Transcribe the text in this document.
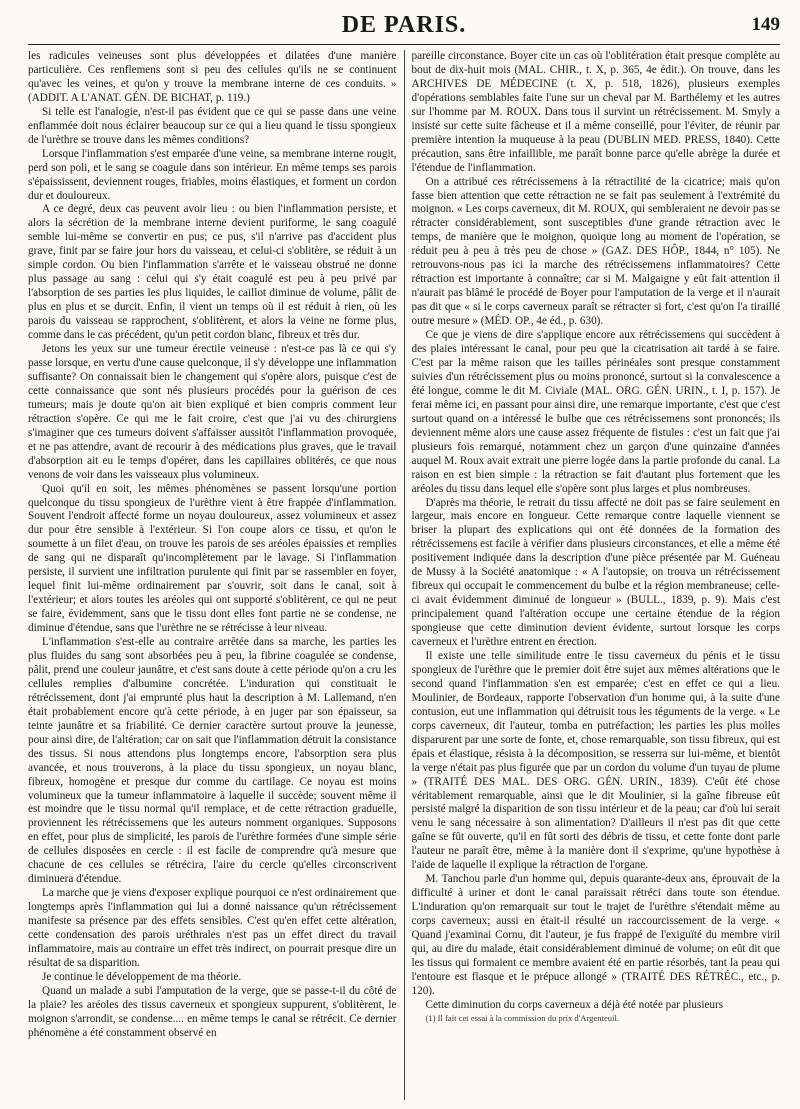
DE PARIS.	149

les radicules veineuses sont plus développées et dilatées d'une manière particulière. Ces renflemens sont si peu des cellules qu'ils ne se continuent qu'avec les veines, et qu'on y trouve la membrane interne de ces conduits. » (ADDIT. A L'ANAT. GÉN. DE BICHAT, p. 119.)

Si telle est l'analogie, n'est-il pas évident que ce qui se passe dans une veine enflammée doit nous éclairer beaucoup sur ce qui a lieu quand le tissu spongieux de l'urèthre se trouve dans les mêmes conditions?

Lorsque l'inflammation s'est emparée d'une veine, sa membrane interne rougit, perd son poli, et le sang se coagule dans son intérieur. En même temps ses parois s'épaississent, deviennent rouges, friables, moins élastiques, et forment un cordon dur et douloureux.

A ce degré, deux cas peuvent avoir lieu : ou bien l'inflammation persiste, et alors la sécrétion de la membrane interne devient puriforme, le sang coagulé semble lui-même se convertir en pus; ce pus, s'il n'arrive pas d'accident plus grave, finit par se faire jour hors du vaisseau, et celui-ci s'oblitère, se réduit à un simple cordon. Ou bien l'inflammation s'arrête et le vaisseau obstrué ne donne plus passage au sang : celui qui s'y était coagulé est peu à peu privé par l'absorption de ses parties les plus liquides, le caillot diminue de volume, pâlit de plus en plus et se durcit. Enfin, il vient un temps où il est réduit à rien, où les parois du vaisseau se rapprochent, s'oblitèrent, et alors la veine ne forme plus, comme dans le cas précédent, qu'un petit cordon blanc, fibreux et très dur.

Jetons les yeux sur une tumeur érectile veineuse : n'est-ce pas là ce qui s'y passe lorsque, en vertu d'une cause quelconque, il s'y développe une inflammation suffisante? On connaissait bien le changement qui s'opère alors, puisque c'est de cette connaissance que sont nés plusieurs procédés pour la guérison de ces tumeurs; mais je doute qu'on ait bien expliqué et bien compris comment leur rétraction s'opère. Ce qui me le fait croire, c'est que j'ai vu des chirurgiens s'imaginer que ces tumeurs doivent s'affaisser aussitôt l'inflammation provoquée, et ne pas attendre, avant de recourir à des médications plus graves, que le travail d'absorption ait eu le temps d'opérer, dans les capillaires oblitérés, ce que nous venons de voir dans les vaisseaux plus volumineux.

Quoi qu'il en soit, les mêmes phénomènes se passent lorsqu'une portion quelconque du tissu spongieux de l'urèthre vient à être frappée d'inflammation. Souvent l'endroit affecté forme un noyau douloureux, assez volumineux et assez dur pour être sensible à l'extérieur. Si l'on coupe alors ce tissu, et qu'on le soumette à un filet d'eau, on trouve les parois de ses aréoles épaissies et remplies de sang qui ne disparaît qu'incomplètement par le lavage. Si l'inflammation persiste, il survient une infiltration purulente qui finit par se rassembler en foyer, lequel finit lui-même ordinairement par s'ouvrir, soit dans le canal, soit à l'extérieur; et alors toutes les aréoles qui ont supporté s'oblitèrent, ce qui ne peut se faire, évidemment, sans que le tissu dont elles font partie ne se condense, ne diminue d'étendue, sans que l'urèthre ne se rétrécisse à leur niveau.

L'inflammation s'est-elle au contraire arrêtée dans sa marche, les parties les plus fluides du sang sont absorbées peu à peu, la fibrine coagulée se condense, pâlit, prend une couleur jaunâtre, et c'est sans doute à cette période qu'on a cru les cellules remplies d'albumine concrétée. L'induration qui constituait le rétrécissement, dont j'ai emprunté plus haut la description à M. Lallemand, n'en était probablement encore qu'à cette période, à en juger par son épaisseur, sa teinte jaunâtre et sa friabilité. Ce dernier caractère surtout prouve la jeunesse, pour ainsi dire, de l'altération; car on sait que l'inflammation détruit la consistance des tissus. Si nous attendons plus longtemps encore, l'absorption sera plus avancée, et nous trouverons, à la place du tissu spongieux, un noyau blanc, fibreux, homogène et presque dur comme du cartilage. Ce noyau est moins volumineux que la tumeur inflammatoire à laquelle il succède; souvent même il est moindre que le tissu normal qu'il remplace, et de cette rétraction graduelle, proviennent les rétrécissemens que les auteurs nomment organiques. Supposons en effet, pour plus de simplicité, les parois de l'urèthre formées d'une simple série de cellules disposées en cercle : il est facile de comprendre qu'à mesure que chacune de ces cellules se rétrécira, l'aire du cercle qu'elles circonscrivent diminuera d'étendue.

La marche que je viens d'exposer explique pourquoi ce n'est ordinairement que longtemps après l'inflammation qui lui a donné naissance qu'un rétrécissement manifeste sa présence par des effets sensibles. C'est qu'en effet cette altération, cette condensation des parois uréthrales n'est pas un effet direct du travail inflammatoire, mais au contraire un effet très indirect, on pourrait presque dire un résultat de sa disparition.

Je continue le développement de ma théorie.

Quand un malade a subi l'amputation de la verge, que se passe-t-il du côté de la plaie? les aréoles des tissus caverneux et spongieux suppurent, s'oblitèrent, le moignon s'arrondit, se condense.... en même temps le canal se rétrécit. Ce dernier phénomène a été constamment observé en

pareille circonstance. Boyer cite un cas où l'oblitération était presque complète au bout de dix-huit mois (MAL. CHIR., t. X, p. 365, 4e édit.). On trouve, dans les ARCHIVES DE MÉDECINE (t. X, p. 518, 1826), plusieurs exemples d'opérations semblables faite l'une sur un cheval par M. Barthélemy et les autres sur l'homme par M. ROUX. Dans tous il survint un rétrécissement. M. Smyly a insisté sur cette suite fâcheuse et il a même conseillé, pour l'éviter, de réunir par première intention la muqueuse à la peau (DUBLIN MED. PRESS, 1840). Cette précaution, sans être infaillible, me paraît bonne parce qu'elle abrège la durée et l'étendue de l'inflammation.

On a attribué ces rétrécissemens à la rétractilité de la cicatrice; mais qu'on fasse bien attention que cette rétraction ne se fait pas seulement à l'extrémité du moignon. « Les corps caverneux, dit M. ROUX, qui sembleraient ne devoir pas se rétracter considérablement, sont susceptibles d'une grande rétraction avec le temps, de manière que le moignon, quoique long au moment de l'opération, se réduit peu à peu à très peu de chose » (GAZ. DES HÔP., 1844, n° 105). Ne retrouvons-nous pas ici la marche des rétrécissemens inflammatoires? Cette rétraction est importante à connaître; car si M. Malgaigne y eût fait attention il n'aurait pas blâmé le procédé de Boyer pour l'amputation de la verge et il n'aurait pas dit que « si le corps caverneux paraît se rétracter si fort, c'est qu'on l'a tiraillé outre mesure » (MÉD. OP., 4e éd., p. 630).

Ce que je viens de dire s'applique encore aux rétrécissemens qui succèdent à des plaies intéressant le canal, pour peu que la cicatrisation ait tardé à se faire. C'est par la même raison que les tailles périnéales sont presque constamment suivies d'un rétrécissement plus ou moins prononcé, surtout si la convalescence a été longue, comme le dit M. Civiale (MAL. ORG. GÉN. URIN., t. I, p. 157). Je ferai même ici, en passant pour ainsi dire, une remarque importante, c'est que c'est surtout quand on a intéressé le bulbe que ces rétrécissemens sont prononcés; ils deviennent même alors une cause assez fréquente de fistules : c'est un fait que j'ai plusieurs fois remarqué, notamment chez un garçon d'une quinzaine d'années auquel M. Roux avait extrait une pierre logée dans la partie profonde du canal. La raison en est bien simple : la rétraction se fait d'autant plus fortement que les aréoles du tissu dans lequel elle s'opère sont plus larges et plus nombreuses.

D'après ma théorie, le retrait du tissu affecté ne doit pas se faire seulement en largeur, mais encore en longueur. Cette remarque contre laquelle viennent se briser la plupart des explications qui ont été données de la formation des rétrécissemens est facile à vérifier dans plusieurs circonstances, et elle a même été positivement indiquée dans la description d'une pièce présentée par M. Guéneau de Mussy à la Société anatomique : « A l'autopsie, on trouva un rétrécissement fibreux qui occupait le commencement du bulbe et la région membraneuse; celle-ci avait évidemment diminué de longueur » (BULL., 1839, p. 9). Mais c'est principalement quand l'altération occupe une certaine étendue de la région spongieuse que cette diminution devient évidente, surtout lorsque les corps caverneux et l'urèthre entrent en érection.

Il existe une telle similitude entre le tissu caverneux du pénis et le tissu spongieux de l'urèthre que le premier doit être sujet aux mêmes altérations que le second quand l'inflammation s'en est emparée; c'est en effet ce qui a lieu. Moulinier, de Bordeaux, rapporte l'observation d'un homme qui, à la suite d'une contusion, eut une inflammation qui détruisit tous les téguments de la verge. « Le corps caverneux, dit l'auteur, tomba en putréfaction; les parties les plus molles disparurent par une sorte de fonte, et, chose remarquable, son tissu fibreux, qui est épais et élastique, résista à la décomposition, se resserra sur lui-même, et bientôt la verge n'était pas plus figurée que par un cordon du volume d'un tuyau de plume » (TRAITÉ DES MAL. DES ORG. GÉN. URIN., 1839). C'eût été chose véritablement remarquable, ainsi que le dit Moulinier, si la gaîne fibreuse eût persisté malgré la disparition de son tissu intérieur et de la peau; car d'où lui serait venu le sang nécessaire à son alimentation? D'ailleurs il n'est pas dit que cette gaîne se fût ouverte, qu'il en fût sorti des débris de tissu, et cette fonte dont parle l'auteur ne paraît être, même à la manière dont il s'exprime, qu'une hypothèse à l'aide de laquelle il explique la rétraction de l'organe.

M. Tanchou parle d'un homme qui, depuis quarante-deux ans, éprouvait de la difficulté à uriner et dont le canal paraissait rétréci dans toute son étendue. L'induration qu'on remarquait sur tout le trajet de l'urèthre s'étendait même au corps caverneux; aussi en était-il résulté un raccourcissement de la verge. « Quand j'examinai Cornu, dit l'auteur, je fus frappé de l'exiguïté du membre viril qui, au dire du malade, était considérablement diminué de volume; on eût dit que les tissus qui formaient ce membre avaient été en partie résorbés, tant la peau qui l'entoure est flasque et le prépuce allongé » (TRAITÉ DES RÉTRÉC., etc., p. 120).

Cette diminution du corps caverneux a déjà été notée par plusieurs

(1) Il fait cet essai à la commission du prix d'Argenteuil.
